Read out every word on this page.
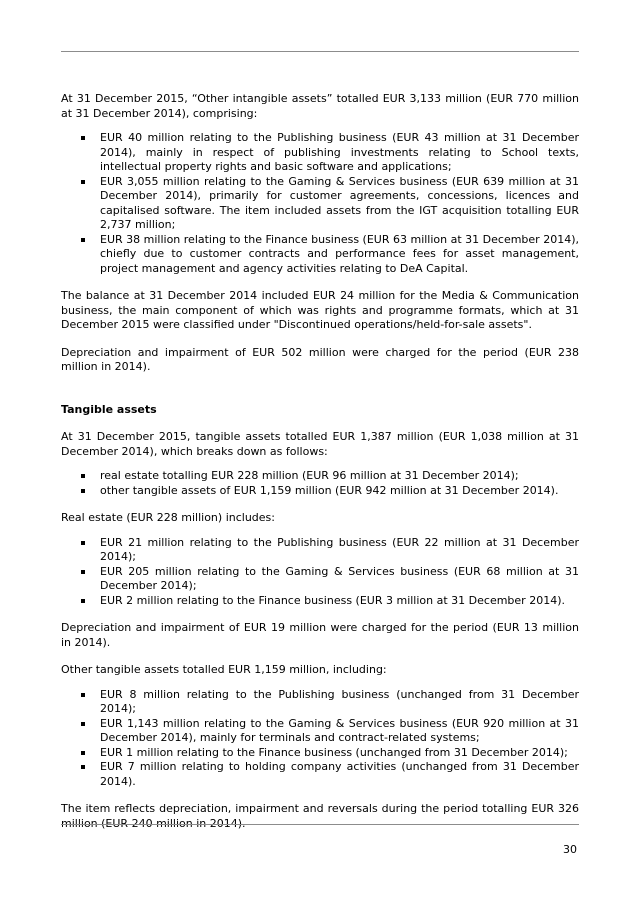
At 31 December 2015, “Other intangible assets” totalled EUR 3,133 million (EUR 770 million at 31 December 2014), comprising:

EUR 40 million relating to the Publishing business (EUR 43 million at 31 December 2014), mainly in respect of publishing investments relating to School texts, intellectual property rights and basic software and applications;
EUR 3,055 million relating to the Gaming & Services business (EUR 639 million at 31 December 2014), primarily for customer agreements, concessions, licences and capitalised software. The item included assets from the IGT acquisition totalling EUR 2,737 million;
EUR 38 million relating to the Finance business (EUR 63 million at 31 December 2014), chiefly due to customer contracts and performance fees for asset management, project management and agency activities relating to DeA Capital.

The balance at 31 December 2014 included EUR 24 million for the Media & Communication business, the main component of which was rights and programme formats, which at 31 December 2015 were classified under "Discontinued operations/held-for-sale assets".

Depreciation and impairment of EUR 502 million were charged for the period (EUR 238 million in 2014).

Tangible assets

At 31 December 2015, tangible assets totalled EUR 1,387 million (EUR 1,038 million at 31 December 2014), which breaks down as follows:

real estate totalling EUR 228 million (EUR 96 million at 31 December 2014);
other tangible assets of EUR 1,159 million (EUR 942 million at 31 December 2014).

Real estate (EUR 228 million) includes:

EUR 21 million relating to the Publishing business (EUR 22 million at 31 December 2014);
EUR 205 million relating to the Gaming & Services business (EUR 68 million at 31 December 2014);
EUR 2 million relating to the Finance business (EUR 3 million at 31 December 2014).

Depreciation and impairment of EUR 19 million were charged for the period (EUR 13 million in 2014).

Other tangible assets totalled EUR 1,159 million, including:

EUR 8 million relating to the Publishing business (unchanged from 31 December 2014);
EUR 1,143 million relating to the Gaming & Services business (EUR 920 million at 31 December 2014), mainly for terminals and contract-related systems;
EUR 1 million relating to the Finance business (unchanged from 31 December 2014);
EUR 7 million relating to holding company activities (unchanged from 31 December 2014).

The item reflects depreciation, impairment and reversals during the period totalling EUR 326 million (EUR 240 million in 2014).

30
